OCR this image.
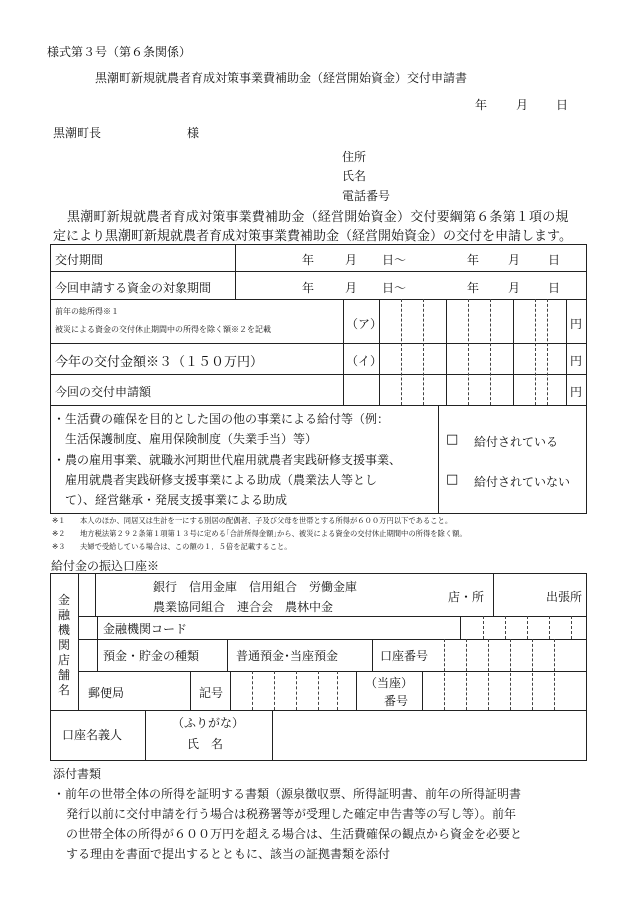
様式第３号（第６条関係）
黒潮町新規就農者育成対策事業費補助金（経営開始資金）交付申請書
年 月 日
黒潮町長	様
住所
氏名
電話番号
黒潮町新規就農者育成対策事業費補助金（経営開始資金）交付要綱第６条第１項の規
定により黒潮町新規就農者育成対策事業費補助金（経営開始資金）の交付を申請します。
交付期間	年	月 日～	年 月 日
今回申請する資金の対象期間	年	月 日～	年 月 日
前年の総所得※１
被災による資金の交付休止期間中の所得を除く額※２を記載	（ア）	円
今年の交付金額※３（１５０万円）	（イ）	円
今回の交付申請額	円
・生活費の確保を目的とした国の他の事業による給付等（例：
生活保護制度、雇用保険制度（失業手当）等）
・農の雇用事業、就職氷河期世代雇用就農者実践研修支援事業、
雇用就農者実践研修支援事業による助成（農業法人等とし
て）、経営継承・発展支援事業による助成
□ 給付されている
□ 給付されていない
※１ 本人のほか、同居又は生計を一にする別居の配偶者、子及び父母を世帯とする所得が６００万円以下であること。
※２ 地方税法第２９２条第１項第１３号に定める｢合計所得金額｣から、被災による資金の交付休止期間中の所得を除く額。
※３ 夫婦で受給している場合は、この額の１．５倍を記載すること。
給付金の振込口座※
金融機関店舗名
銀行　信用金庫　信用組合　労働金庫
農業協同組合　連合会　農林中金
店・所	出張所
金融機関コード
預金・貯金の種類	普通預金･当座預金	口座番号
郵便局	記号
（当座）
番号
口座名義人
（ふりがな）
氏　名
添付書類
・前年の世帯全体の所得を証明する書類（源泉徴収票、所得証明書、前年の所得証明書
発行以前に交付申請を行う場合は税務署等が受理した確定申告書等の写し等）。前年
の世帯全体の所得が６００万円を超える場合は、生活費確保の観点から資金を必要と
する理由を書面で提出するとともに、該当の証拠書類を添付
